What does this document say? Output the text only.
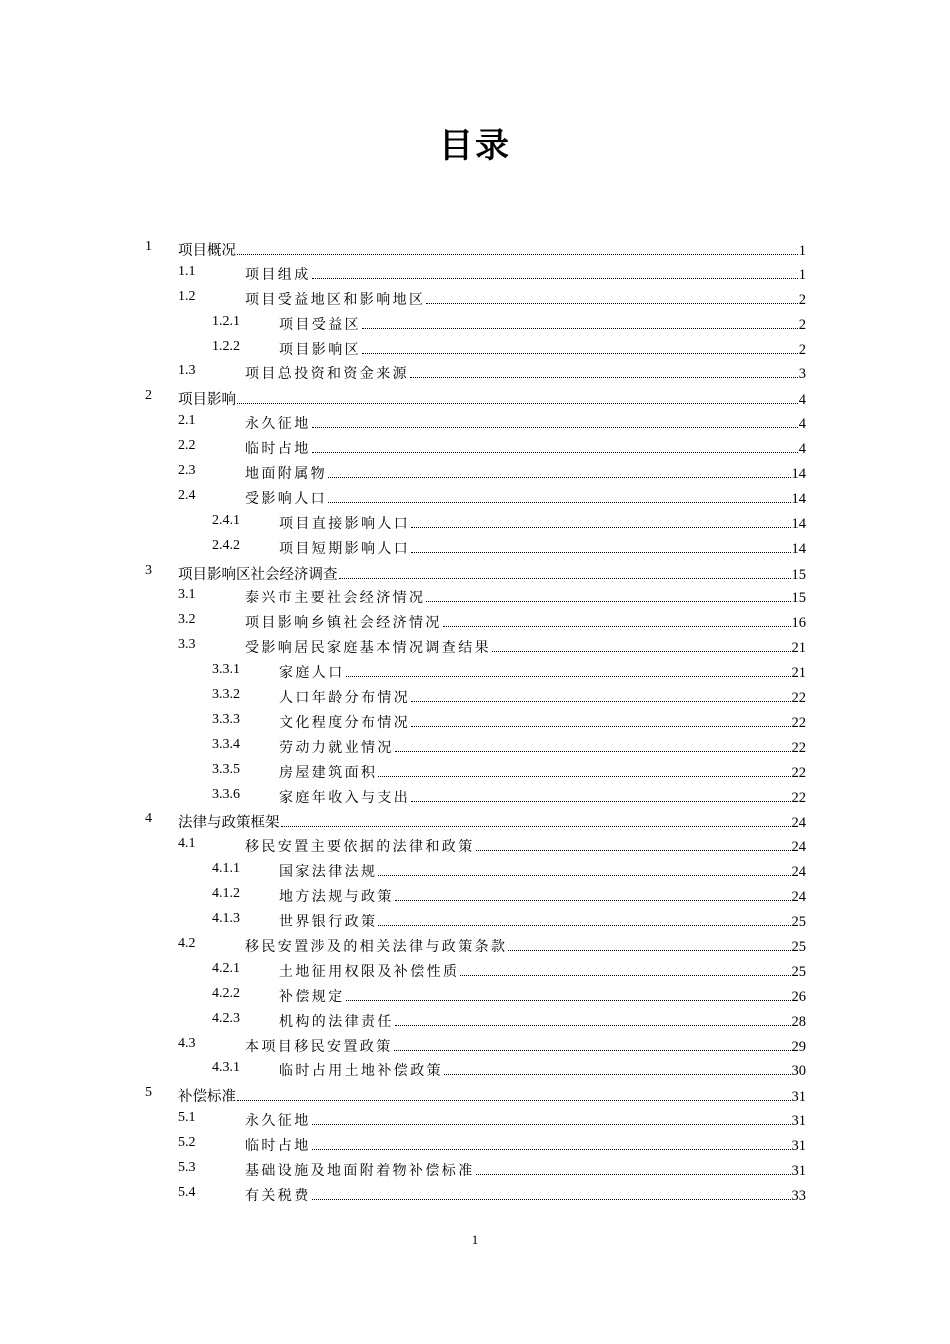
目录
1 项目概况	1
1.1	项目组成	1
1.2	项目受益地区和影响地区	2
1.2.1	项目受益区	2
1.2.2	项目影响区	2
1.3	项目总投资和资金来源	3
2 项目影响	4
2.1	永久征地	4
2.2	临时占地	4
2.3	地面附属物	14
2.4	受影响人口	14
2.4.1	项目直接影响人口	14
2.4.2	项目短期影响人口	14
3 项目影响区社会经济调查	15
3.1	泰兴市主要社会经济情况	15
3.2	项目影响乡镇社会经济情况	16
3.3	受影响居民家庭基本情况调查结果	21
3.3.1	家庭人口	21
3.3.2	人口年龄分布情况	22
3.3.3	文化程度分布情况	22
3.3.4	劳动力就业情况	22
3.3.5	房屋建筑面积	22
3.3.6	家庭年收入与支出	22
4 法律与政策框架	24
4.1	移民安置主要依据的法律和政策	24
4.1.1	国家法律法规	24
4.1.2	地方法规与政策	24
4.1.3	世界银行政策	25
4.2	移民安置涉及的相关法律与政策条款	25
4.2.1	土地征用权限及补偿性质	25
4.2.2	补偿规定	26
4.2.3	机构的法律责任	28
4.3	本项目移民安置政策	29
4.3.1	临时占用土地补偿政策	30
5 补偿标准	31
5.1	永久征地	31
5.2	临时占地	31
5.3	基础设施及地面附着物补偿标准	31
5.4	有关税费	33
1
